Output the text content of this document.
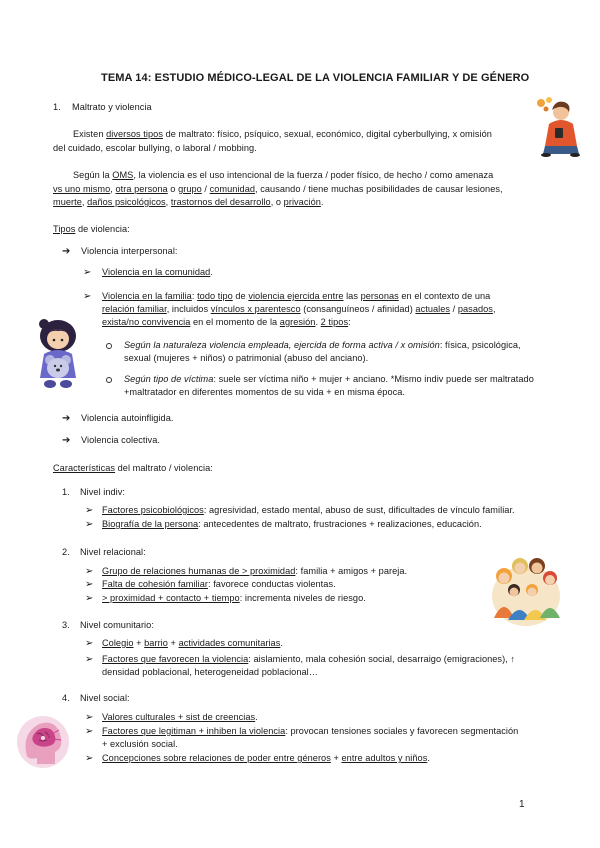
TEMA 14: ESTUDIO MÉDICO-LEGAL DE LA VIOLENCIA FAMILIAR Y DE GÉNERO
1. Maltrato y violencia
Existen diversos tipos de maltrato: físico, psíquico, sexual, económico, digital cyberbullying, x omisión
del cuidado, escolar bullying, o laboral / mobbing.
Según la OMS, la violencia es el uso intencional de la fuerza / poder físico, de hecho / como amenaza
vs uno mismo, otra persona o grupo / comunidad, causando / tiene muchas posibilidades de causar lesiones,
muerte, daños psicológicos, trastornos del desarrollo, o privación.
Tipos de violencia:
➔ Violencia interpersonal:
➢ Violencia en la comunidad.
➢ Violencia en la familia: todo tipo de violencia ejercida entre las personas en el contexto de una
relación familiar, incluidos vínculos x parentesco (consanguíneos / afinidad) actuales / pasados,
exista/no convivencia en el momento de la agresión. 2 tipos:
Según la naturaleza violencia empleada, ejercida de forma activa / x omisión: física, psicológica,
sexual (mujeres + niños) o patrimonial (abuso del anciano).
Según tipo de víctima: suele ser víctima niño + mujer + anciano. *Mismo indiv puede ser maltratado
+maltratador en diferentes momentos de su vida + en misma época.
➔ Violencia autoinfligida.
➔ Violencia colectiva.
Características del maltrato / violencia:
1. Nivel indiv:
➢ Factores psicobiológicos: agresividad, estado mental, abuso de sust, dificultades de vínculo familiar.
➢ Biografía de la persona: antecedentes de maltrato, frustraciones + realizaciones, educación.
2. Nivel relacional:
➢ Grupo de relaciones humanas de > proximidad: familia + amigos + pareja.
➢ Falta de cohesión familiar: favorece conductas violentas.
➢ > proximidad + contacto + tiempo: incrementa niveles de riesgo.
3. Nivel comunitario:
➢ Colegio + barrio + actividades comunitarias.
➢ Factores que favorecen la violencia: aislamiento, mala cohesión social, desarraigo (emigraciones), ↑
densidad poblacional, heterogeneidad poblacional…
4. Nivel social:
➢ Valores culturales + sist de creencias.
➢ Factores que legitiman + inhiben la violencia: provocan tensiones sociales y favorecen segmentación
+ exclusión social.
➢ Concepciones sobre relaciones de poder entre géneros + entre adultos y niños.
1
